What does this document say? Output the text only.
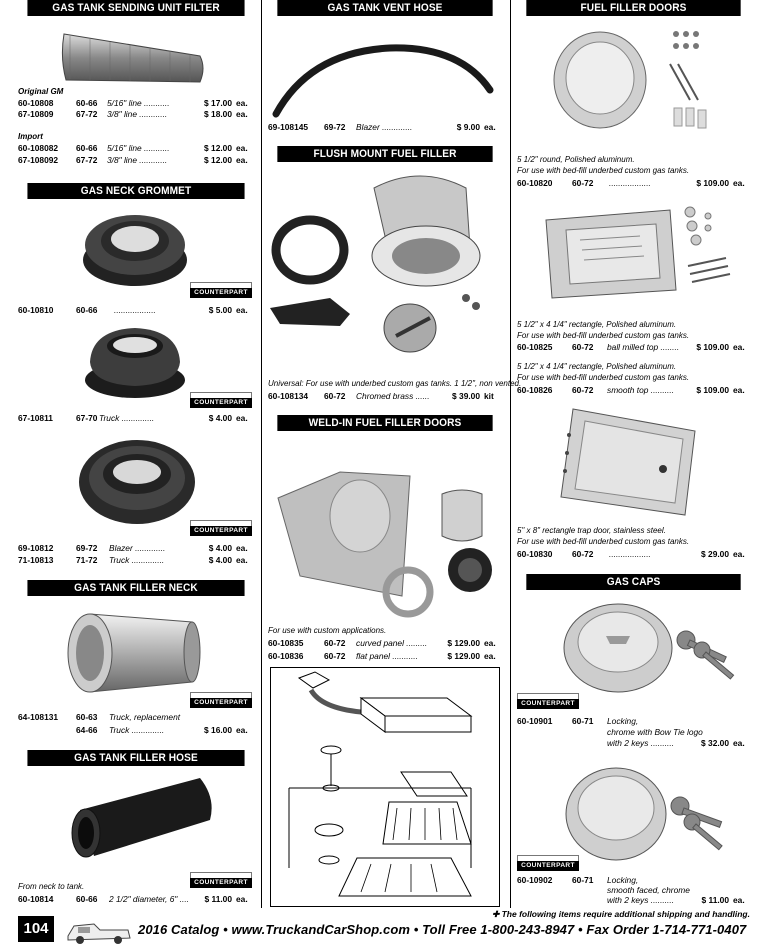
GAS TANK SENDING UNIT FILTER
Original GM
60-10808	60-66 5/16" line ...........	$ 17.00 ea.
67-10809	67-72 3/8" line ............	$ 18.00 ea.
Import
60-108082 60-66 5/16" line ...........	$ 12.00 ea.
67-108092 67-72 3/8" line ............	$ 12.00 ea.
GAS NECK GROMMET
COUNTERPART
60-10810	60-66 ..................	$ 5.00 ea.
COUNTERPART
67-10811	67-70 Truck ..............	$ 4.00 ea.
COUNTERPART
69-10812	69-72 Blazer .............	$ 4.00 ea.
71-10813	71-72 Truck ..............	$ 4.00 ea.
GAS TANK FILLER NECK
COUNTERPART
64-108131 60-63 Truck, replacement
64-66 Truck ..............	$ 16.00 ea.
GAS TANK FILLER HOSE
COUNTERPART
From neck to tank.
60-10814	60-66 2 1/2" diameter, 6" ....	$ 11.00 ea.
GAS TANK VENT HOSE
69-108145 69-72 Blazer .............	$ 9.00 ea.
FLUSH MOUNT FUEL FILLER
Universal: For use with underbed custom gas tanks. 1 1/2", non vented.
60-108134 60-72 Chromed brass ......	$ 39.00 kit
WELD-IN FUEL FILLER DOORS
For use with custom applications.
60-10835 60-72 curved panel .........	$ 129.00 ea.
60-10836 60-72 flat panel ...........	$ 129.00 ea.
FUEL FILLER DOORS
5 1/2" round, Polished aluminum.
For use with bed-fill underbed custom gas tanks.
60-10820 60-72 ..................	$ 109.00 ea.
5 1/2" x 4 1/4" rectangle, Polished aluminum.
For use with bed-fill underbed custom gas tanks.
60-10825 60-72 ball milled top ........	$ 109.00 ea.
5 1/2" x 4 1/4" rectangle, Polished aluminum.
For use with bed-fill underbed custom gas tanks.
60-10826 60-72 smooth top ..........	$ 109.00 ea.
5" x 8" rectangle trap door, stainless steel.
For use with bed-fill underbed custom gas tanks.
60-10830 60-72 ..................	$ 29.00 ea.
GAS CAPS
COUNTERPART
60-10901 60-71 Locking,
chrome with Bow Tie logo
with 2 keys ..........	$ 32.00 ea.
COUNTERPART
60-10902 60-71 Locking,
smooth faced, chrome
with 2 keys ..........	$ 11.00 ea.
104
✚ The following items require additional shipping and handling.
2016 Catalog • www.TruckandCarShop.com • Toll Free 1-800-243-8947 • Fax Order 1-714-771-0407
